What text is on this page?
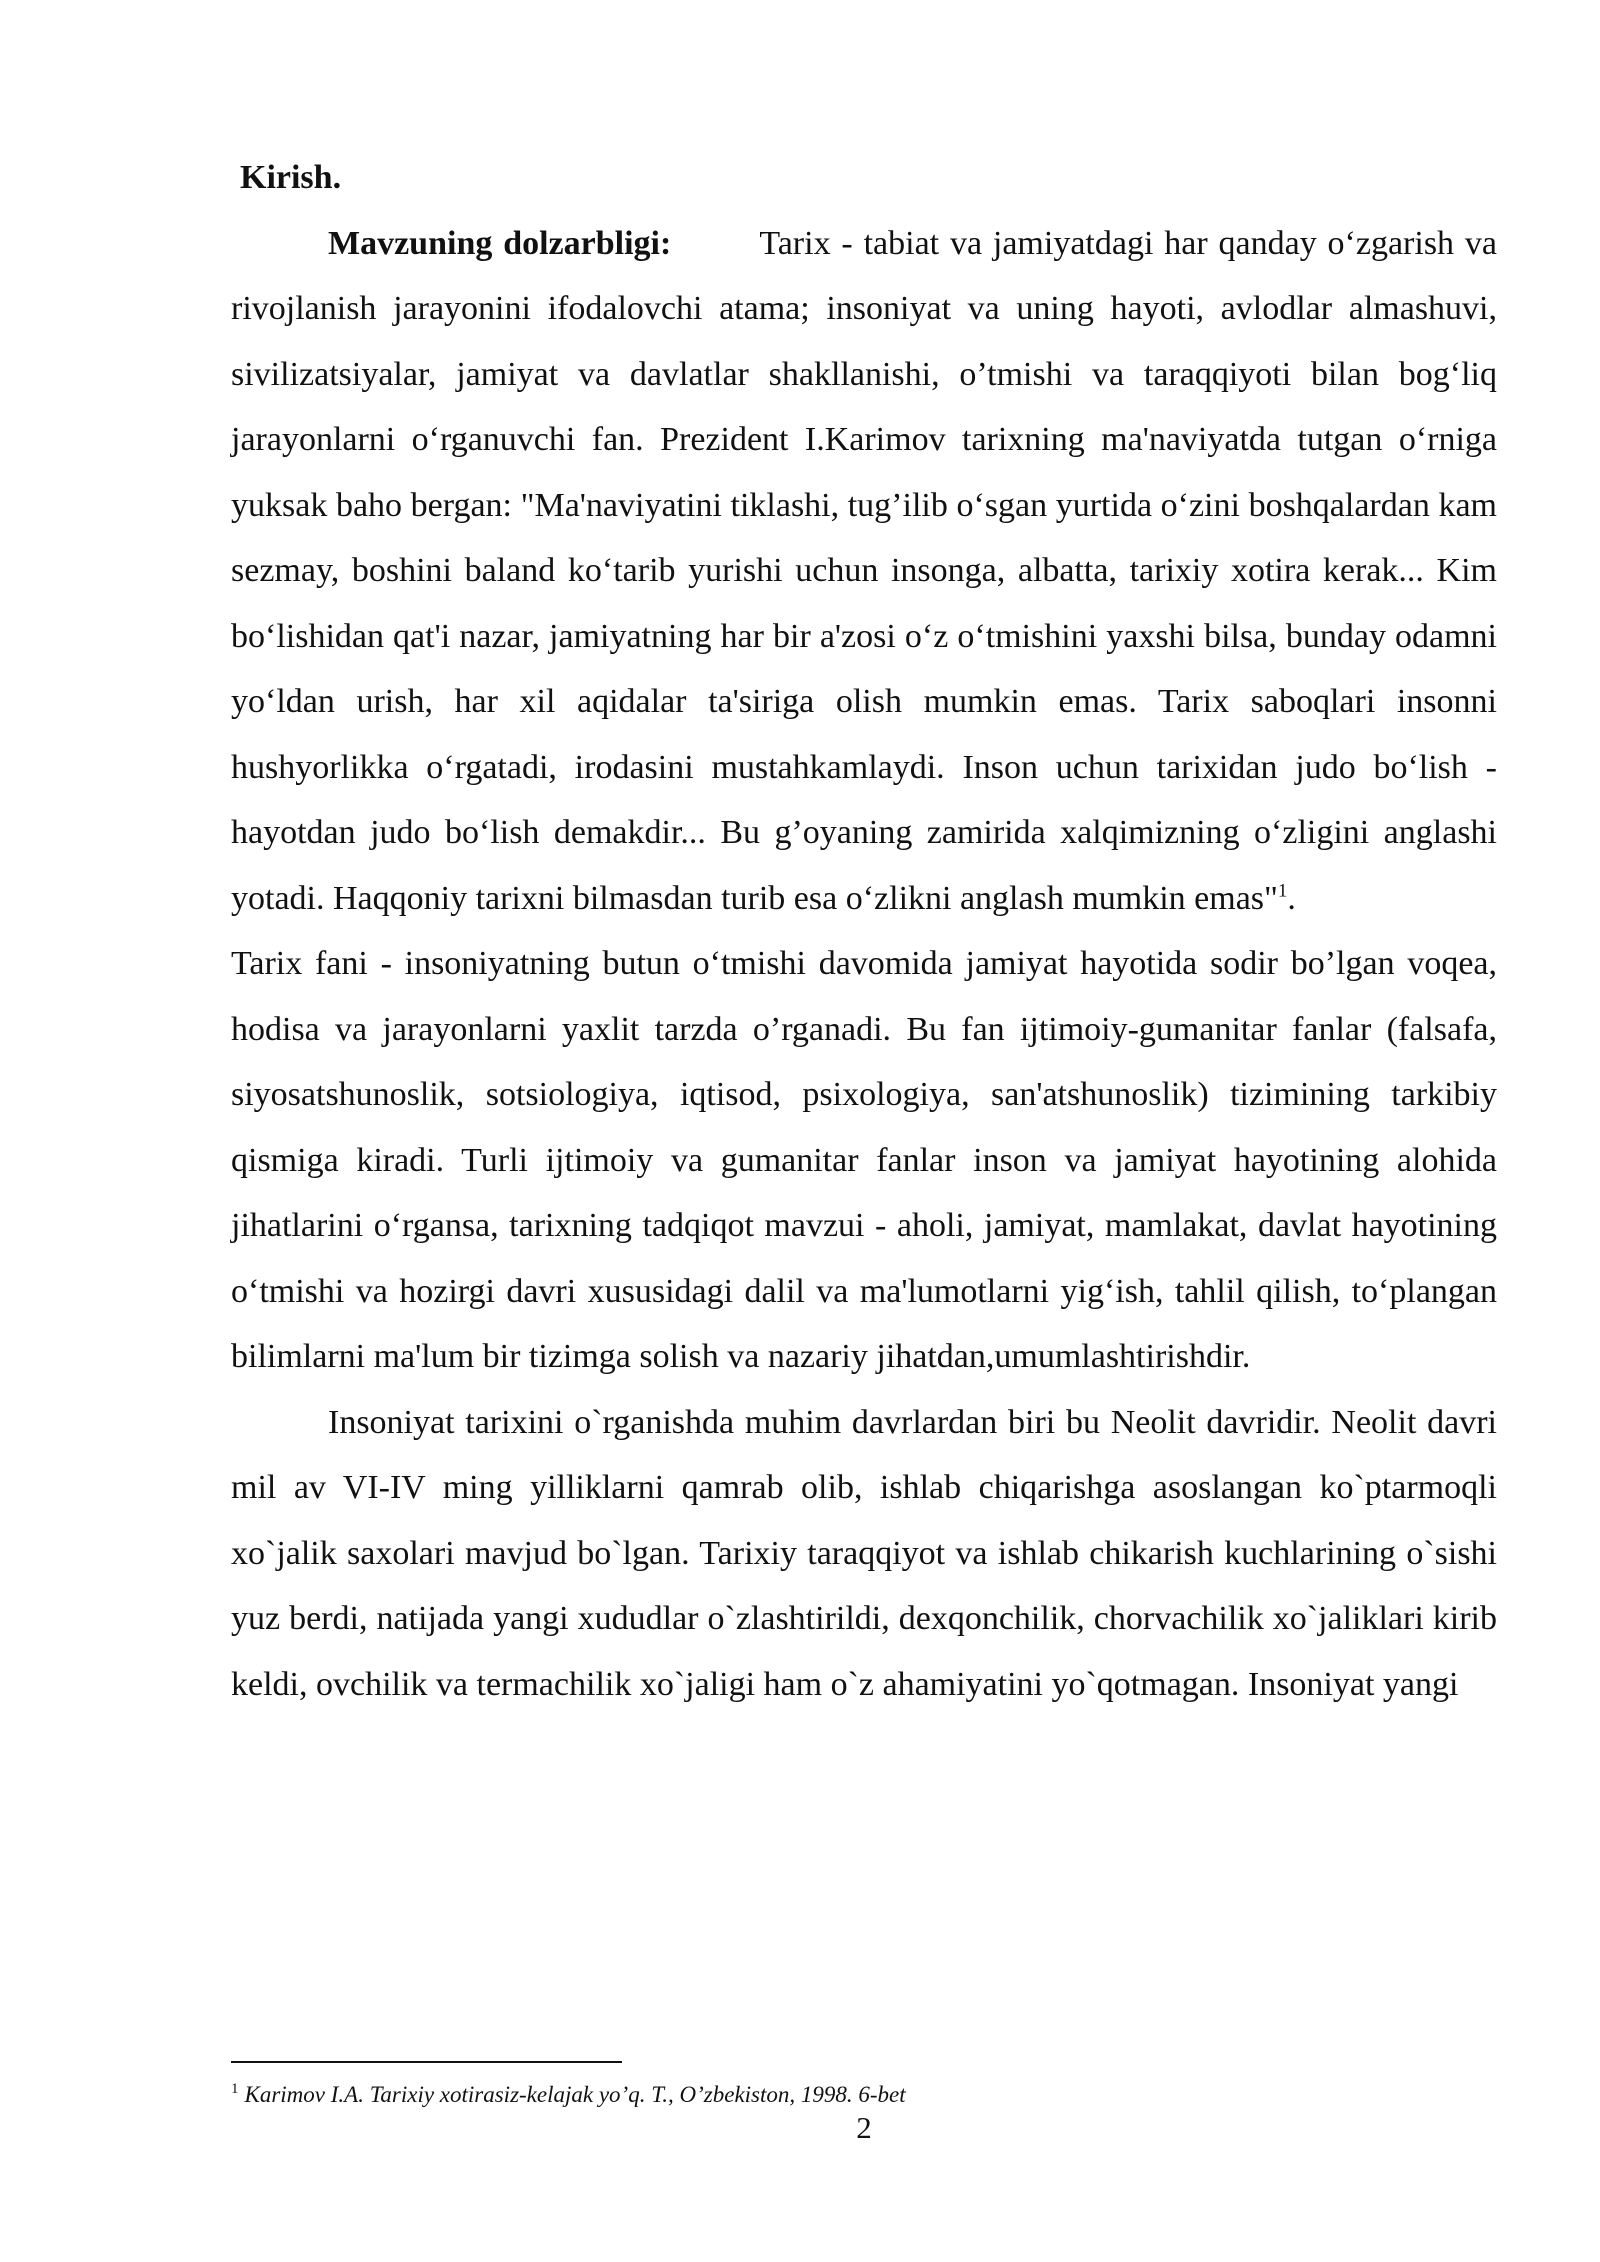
Kirish.

Mavzuning dolzarbligi:	Tarix - tabiat va jamiyatdagi har qanday o‘zgarish va rivojlanish jarayonini ifodalovchi atama; insoniyat va uning hayoti, avlodlar almashuvi, sivilizatsiyalar, jamiyat va davlatlar shakllanishi, o’tmishi va taraqqiyoti bilan bog‘liq jarayonlarni o‘rganuvchi fan. Prezident I.Karimov tarixning ma'naviyatda tutgan o‘rniga yuksak baho bergan: "Ma'naviyatini tiklashi, tug’ilib o‘sgan yurtida o‘zini boshqalardan kam sezmay, boshini baland ko‘tarib yurishi uchun insonga, albatta, tarixiy xotira kerak... Kim bo‘lishidan qat'i nazar, jamiyatning har bir a'zosi o‘z o‘tmishini yaxshi bilsa, bunday odamni yo‘ldan urish, har xil aqidalar ta'siriga olish mumkin emas. Tarix saboqlari insonni hushyorlikka o‘rgatadi, irodasini mustahkamlaydi. Inson uchun tarixidan judo bo‘lish - hayotdan judo bo‘lish demakdir... Bu g’oyaning zamirida xalqimizning o‘zligini anglashi yotadi. Haqqoniy tarixni bilmasdan turib esa o‘zlikni anglash mumkin emas"$^1$.

Tarix fani - insoniyatning butun o‘tmishi davomida jamiyat hayotida sodir bo’lgan voqea, hodisa va jarayonlarni yaxlit tarzda o’rganadi. Bu fan ijtimoiy-gumanitar fanlar (falsafa, siyosatshunoslik, sotsiologiya, iqtisod, psixologiya, san'atshunoslik) tizimining tarkibiy qismiga kiradi. Turli ijtimoiy va gumanitar fanlar inson va jamiyat hayotining alohida jihatlarini o‘rgansa, tarixning tadqiqot mavzui - aholi, jamiyat, mamlakat, davlat hayotining o‘tmishi va hozirgi davri xususidagi dalil va ma'lumotlarni yig‘ish, tahlil qilish, to‘plangan bilimlarni ma'lum bir tizimga solish va nazariy jihatdan,umumlashtirishdir.

Insoniyat tarixini o`rganishda muhim davrlardan biri bu Neolit davridir. Neolit davri mil av VI-IV ming yilliklarni qamrab olib, ishlab chiqarishga asoslangan ko`ptarmoqli xo`jalik saxolari mavjud bo`lgan. Tarixiy taraqqiyot va ishlab chikarish kuchlarining o`sishi yuz berdi, natijada yangi xududlar o`zlashtirildi, dexqonchilik, chorvachilik xo`jaliklari kirib keldi, ovchilik va termachilik xo`jaligi ham o`z ahamiyatini yo`qotmagan. Insoniyat yangi

$^1$ Karimov I.A. Tarixiy xotirasiz-kelajak yo’q. T., O’zbekiston, 1998. 6-bet
2
